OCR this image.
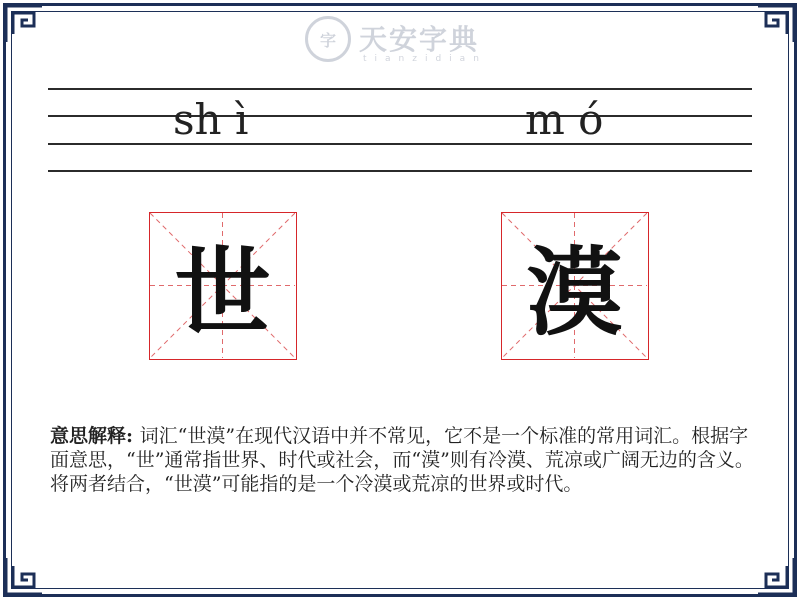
字 天安字典
tianzidian
sh ì	m ó
世	漠
意思解释: 词汇“世漠”在现代汉语中并不常见，它不是一个标准的常用词汇。根据字面意思，“世”通常指世界、时代或社会，而“漠”则有冷漠、荒凉或广阔无边的含义。将两者结合，“世漠”可能指的是一个冷漠或荒凉的世界或时代。
